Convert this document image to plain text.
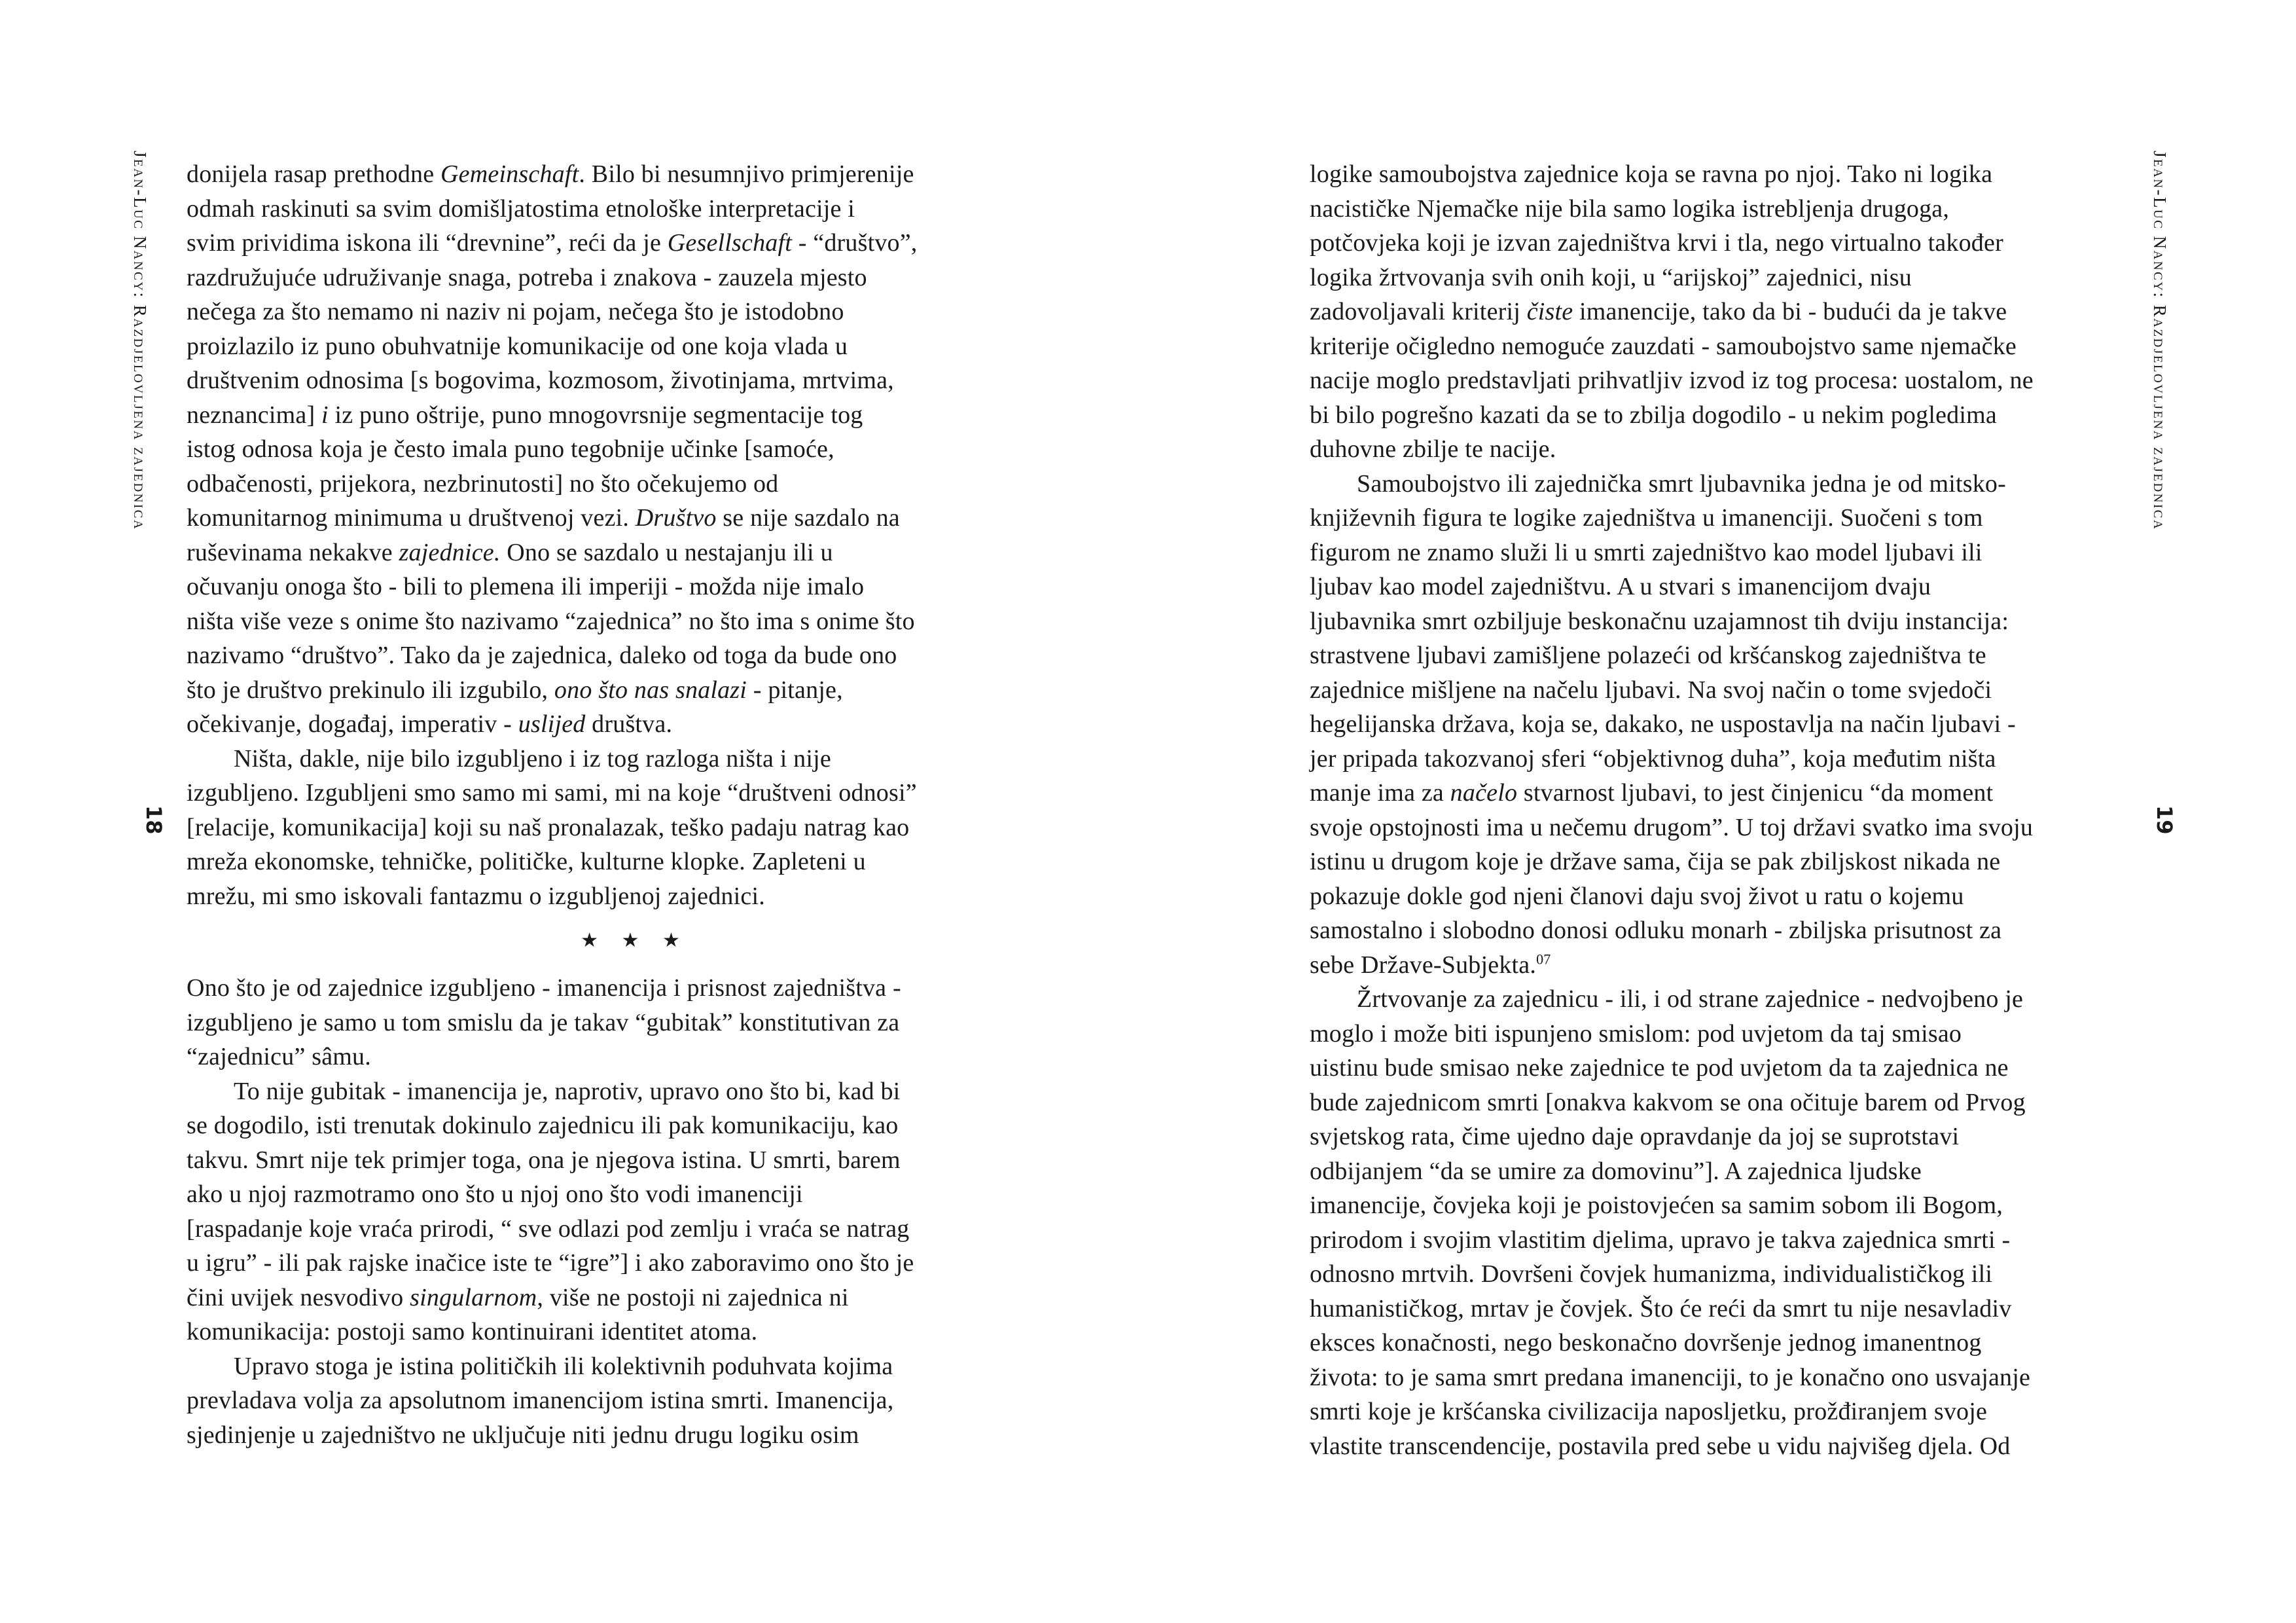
Jean-Luc Nancy: Razdjelovljena zajednica
18

donijela rasap prethodne Gemeinschaft. Bilo bi nesumnjivo primjerenije
odmah raskinuti sa svim domišljatostima etnološke interpretacije i
svim prividima iskona ili “drevnine”, reći da je Gesellschaft - “društvo”,
razdružujuće udruživanje snaga, potreba i znakova - zauzela mjesto
nečega za što nemamo ni naziv ni pojam, nečega što je istodobno
proizlazilo iz puno obuhvatnije komunikacije od one koja vlada u
društvenim odnosima [s bogovima, kozmosom, životinjama, mrtvima,
neznancima] i iz puno oštrije, puno mnogovrsnije segmentacije tog
istog odnosa koja je često imala puno tegobnije učinke [samoće,
odbačenosti, prijekora, nezbrinutosti] no što očekujemo od
komunitarnog minimuma u društvenoj vezi. Društvo se nije sazdalo na
ruševinama nekakve zajednice. Ono se sazdalo u nestajanju ili u
očuvanju onoga što - bili to plemena ili imperiji - možda nije imalo
ništa više veze s onime što nazivamo “zajednica” no što ima s onime što
nazivamo “društvo”. Tako da je zajednica, daleko od toga da bude ono
što je društvo prekinulo ili izgubilo, ono što nas snalazi - pitanje,
očekivanje, događaj, imperativ - uslijed društva.

Ništa, dakle, nije bilo izgubljeno i iz tog razloga ništa i nije
izgubljeno. Izgubljeni smo samo mi sami, mi na koje “društveni odnosi”
[relacije, komunikacija] koji su naš pronalazak, teško padaju natrag kao
mreža ekonomske, tehničke, političke, kulturne klopke. Zapleteni u
mrežu, mi smo iskovali fantazmu o izgubljenoj zajednici.

★ ★ ★

Ono što je od zajednice izgubljeno - imanencija i prisnost zajedništva -
izgubljeno je samo u tom smislu da je takav “gubitak” konstitutivan za
“zajednicu” sâmu.

To nije gubitak - imanencija je, naprotiv, upravo ono što bi, kad bi
se dogodilo, isti trenutak dokinulo zajednicu ili pak komunikaciju, kao
takvu. Smrt nije tek primjer toga, ona je njegova istina. U smrti, barem
ako u njoj razmotramo ono što u njoj ono što vodi imanenciji
[raspadanje koje vraća prirodi, “ sve odlazi pod zemlju i vraća se natrag
u igru” - ili pak rajske inačice iste te “igre”] i ako zaboravimo ono što je
čini uvijek nesvodivo singularnom, više ne postoji ni zajednica ni
komunikacija: postoji samo kontinuirani identitet atoma.

Upravo stoga je istina političkih ili kolektivnih poduhvata kojima
prevladava volja za apsolutnom imanencijom istina smrti. Imanencija,
sjedinjenje u zajedništvo ne uključuje niti jednu drugu logiku osim

Jean-Luc Nancy: Razdjelovljena zajednica
19

logike samoubojstva zajednice koja se ravna po njoj. Tako ni logika
nacističke Njemačke nije bila samo logika istrebljenja drugoga,
potčovjeka koji je izvan zajedništva krvi i tla, nego virtualno također
logika žrtvovanja svih onih koji, u “arijskoj” zajednici, nisu
zadovoljavali kriterij čiste imanencije, tako da bi - budući da je takve
kriterije očigledno nemoguće zauzdati - samoubojstvo same njemačke
nacije moglo predstavljati prihvatljiv izvod iz tog procesa: uostalom, ne
bi bilo pogrešno kazati da se to zbilja dogodilo - u nekim pogledima
duhovne zbilje te nacije.

Samoubojstvo ili zajednička smrt ljubavnika jedna je od mitsko-
književnih figura te logike zajedništva u imanenciji. Suočeni s tom
figurom ne znamo služi li u smrti zajedništvo kao model ljubavi ili
ljubav kao model zajedništvu. A u stvari s imanencijom dvaju
ljubavnika smrt ozbiljuje beskonačnu uzajamnost tih dviju instancija:
strastvene ljubavi zamišljene polazeći od kršćanskog zajedništva te
zajednice mišljene na načelu ljubavi. Na svoj način o tome svjedoči
hegelijanska država, koja se, dakako, ne uspostavlja na način ljubavi -
jer pripada takozvanoj sferi “objektivnog duha”, koja međutim ništa
manje ima za načelo stvarnost ljubavi, to jest činjenicu “da moment
svoje opstojnosti ima u nečemu drugom”. U toj državi svatko ima svoju
istinu u drugom koje je države sama, čija se pak zbiljskost nikada ne
pokazuje dokle god njeni članovi daju svoj život u ratu o kojemu
samostalno i slobodno donosi odluku monarh - zbiljska prisutnost za
sebe Države-Subjekta.$^{07}$

Žrtvovanje za zajednicu - ili, i od strane zajednice - nedvojbeno je
moglo i može biti ispunjeno smislom: pod uvjetom da taj smisao
uistinu bude smisao neke zajednice te pod uvjetom da ta zajednica ne
bude zajednicom smrti [onakva kakvom se ona očituje barem od Prvog
svjetskog rata, čime ujedno daje opravdanje da joj se suprotstavi
odbijanjem “da se umire za domovinu”]. A zajednica ljudske
imanencije, čovjeka koji je poistovjećen sa samim sobom ili Bogom,
prirodom i svojim vlastitim djelima, upravo je takva zajednica smrti -
odnosno mrtvih. Dovršeni čovjek humanizma, individualističkog ili
humanističkog, mrtav je čovjek. Što će reći da smrt tu nije nesavladiv
eksces konačnosti, nego beskonačno dovršenje jednog imanentnog
života: to je sama smrt predana imanenciji, to je konačno ono usvajanje
smrti koje je kršćanska civilizacija naposljetku, prožđiranjem svoje
vlastite transcendencije, postavila pred sebe u vidu najvišeg djela. Od
